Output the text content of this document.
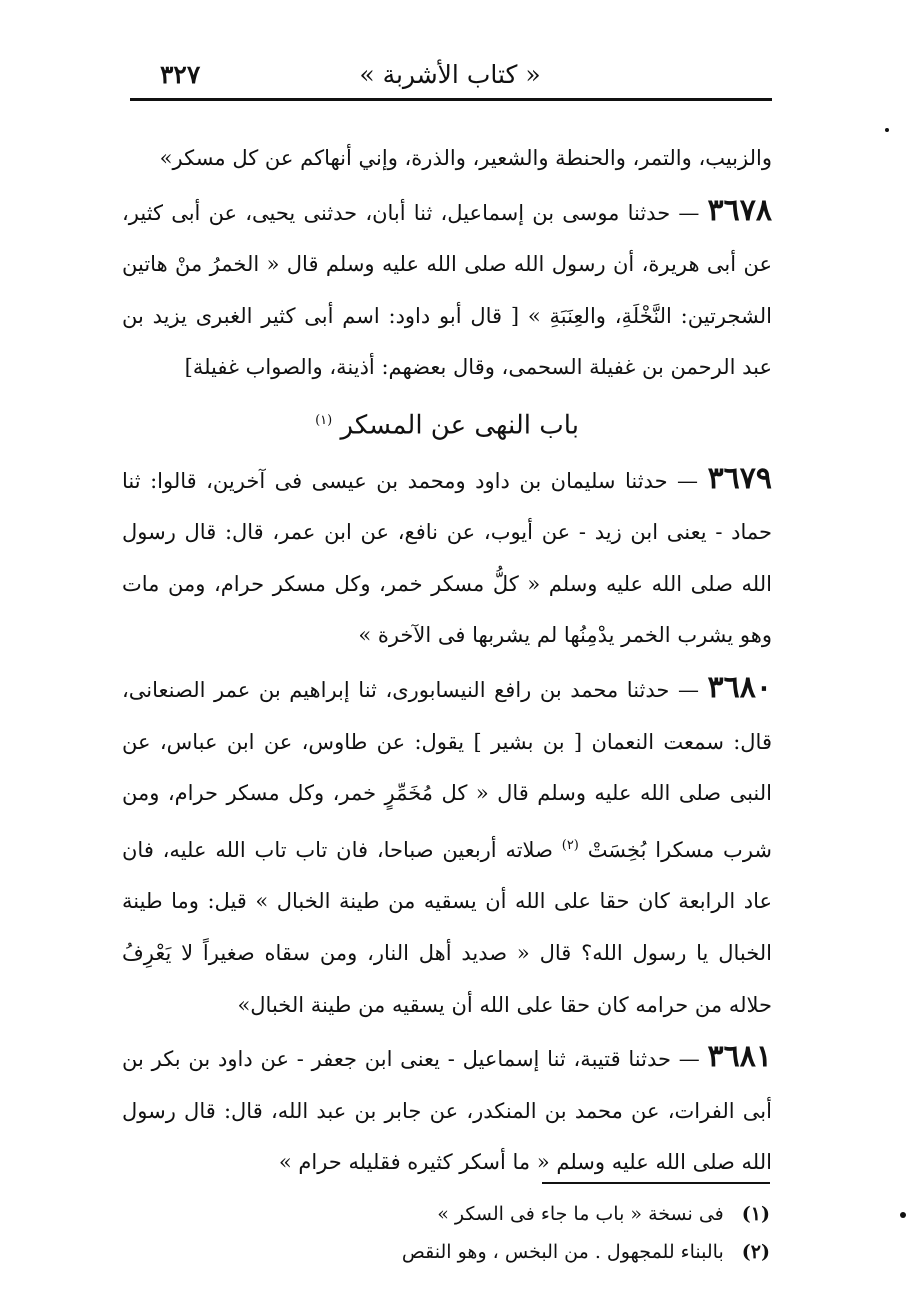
« كتاب الأشربة »
٣٢٧

والزبيب، والتمر، والحنطة والشعير، والذرة، وإني أنهاكم عن كل مسكر»

٣٦٧٨ — حدثنا موسى بن إسماعيل، ثنا أبان، حدثنى يحيى، عن أبى كثير، عن أبى هريرة، أن رسول الله صلى الله عليه وسلم قال « الخمرُ منْ هاتين الشجرتين: النَّخْلَةِ، والعِنَبَةِ » [ قال أبو داود: اسم أبى كثير الغبرى يزيد بن عبد الرحمن بن غفيلة السحمى، وقال بعضهم: أذينة، والصواب غفيلة]

باب النهى عن المسكر $^{(١)}$

٣٦٧٩ — حدثنا سليمان بن داود ومحمد بن عيسى فى آخرين، قالوا: ثنا حماد - يعنى ابن زيد - عن أيوب، عن نافع، عن ابن عمر، قال: قال رسول الله صلى الله عليه وسلم « كلُّ مسكر خمر، وكل مسكر حرام، ومن مات وهو يشرب الخمر يدْمِنُها لم يشربها فى الآخرة »

٣٦٨٠ — حدثنا محمد بن رافع النيسابورى، ثنا إبراهيم بن عمر الصنعانى، قال: سمعت النعمان [ بن بشير ] يقول: عن طاوس، عن ابن عباس، عن النبى صلى الله عليه وسلم قال « كل مُخَمِّرٍ خمر، وكل مسكر حرام، ومن شرب مسكرا بُخِسَتْ $^{(٢)}$ صلاته أربعين صباحا، فان تاب تاب الله عليه، فان عاد الرابعة كان حقا على الله أن يسقيه من طينة الخبال » قيل: وما طينة الخبال يا رسول الله؟ قال « صديد أهل النار، ومن سقاه صغيراً لا يَعْرِفُ حلاله من حرامه كان حقا على الله أن يسقيه من طينة الخبال»

٣٦٨١ — حدثنا قتيبة، ثنا إسماعيل - يعنى ابن جعفر - عن داود بن بكر بن أبى الفرات، عن محمد بن المنكدر، عن جابر بن عبد الله، قال: قال رسول الله صلى الله عليه وسلم « ما أسكر كثيره فقليله حرام »

(١) فى نسخة « باب ما جاء فى السكر »
(٢) بالبناء للمجهول . من البخس ، وهو النقص
